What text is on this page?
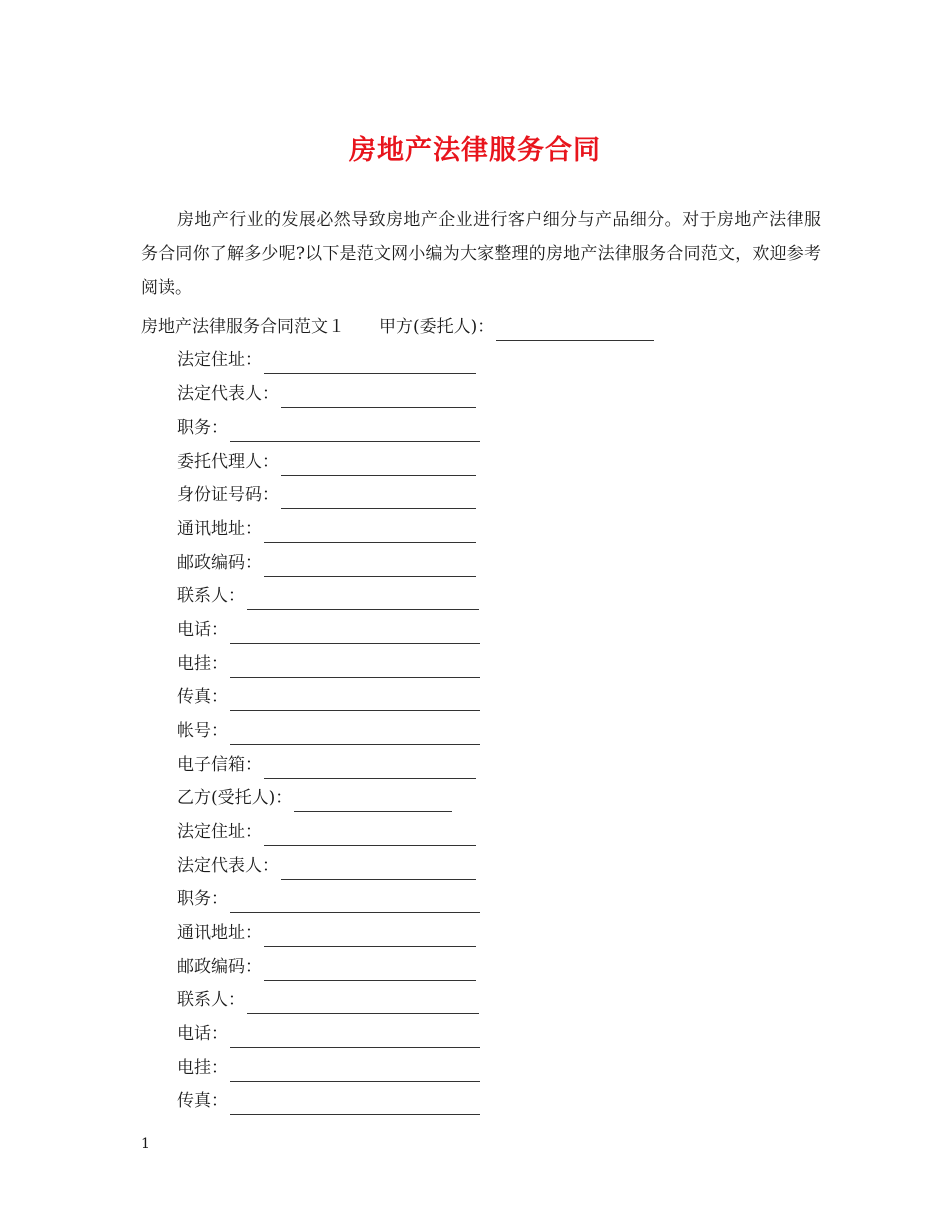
房地产法律服务合同
房地产行业的发展必然导致房地产企业进行客户细分与产品细分。对于房地产法律服务合同你了解多少呢?以下是范文网小编为大家整理的房地产法律服务合同范文，欢迎参考阅读。
房地产法律服务合同范文１ 甲方(委托人)：
法定住址：
法定代表人：
职务：
委托代理人：
身份证号码：
通讯地址：
邮政编码：
联系人：
电话：
电挂：
传真：
帐号：
电子信箱：
乙方(受托人)：
法定住址：
法定代表人：
职务：
通讯地址：
邮政编码：
联系人：
电话：
电挂：
传真：
1
